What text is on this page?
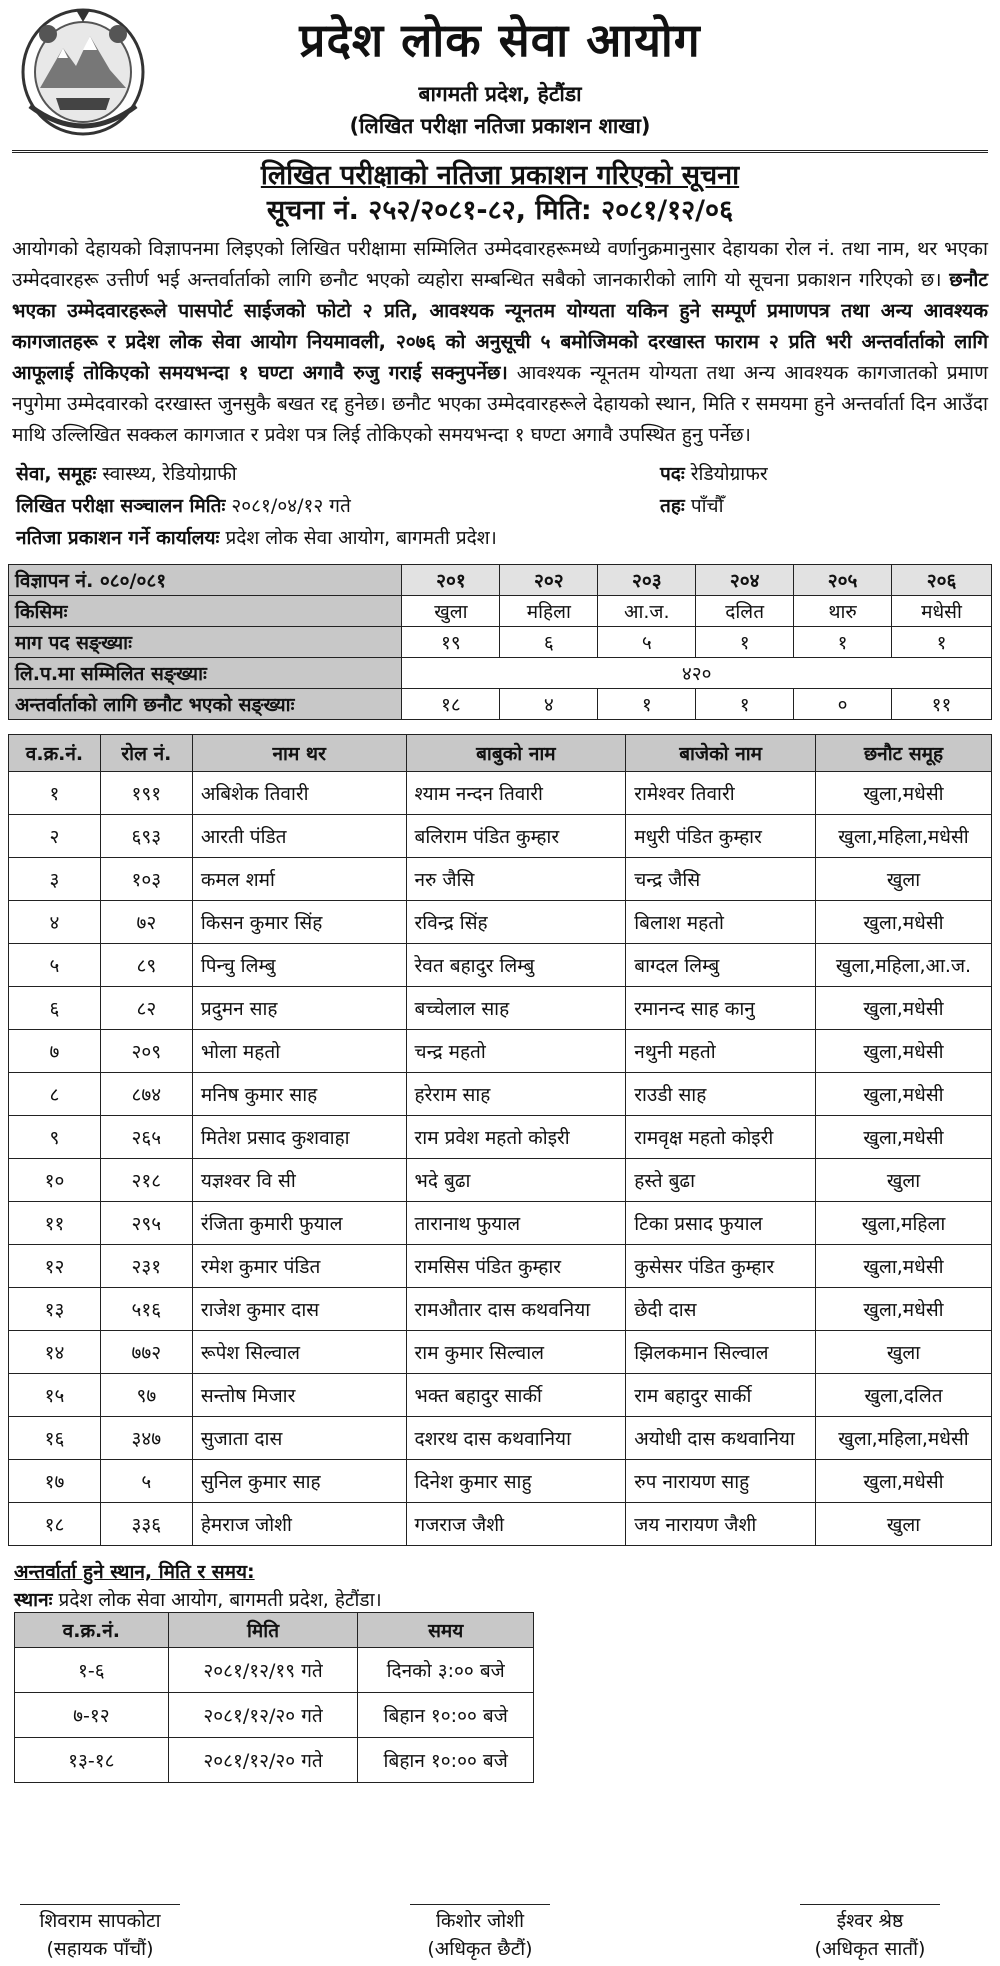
प्रदेश लोक सेवा आयोग
बागमती प्रदेश, हेटौंडा
(लिखित परीक्षा नतिजा प्रकाशन शाखा)
लिखित परीक्षाको नतिजा प्रकाशन गरिएको सूचना
सूचना नं. २५२/२०८१-८२, मिति: २०८१/१२/०६
आयोगको देहायको विज्ञापनमा लिइएको लिखित परीक्षामा सम्मिलित उम्मेदवारहरूमध्ये वर्णानुक्रमानुसार देहायका रोल नं. तथा नाम, थर भएका उम्मेदवारहरू उत्तीर्ण भई अन्तर्वार्ताको लागि छनौट भएको व्यहोरा सम्बन्धित सबैको जानकारीको लागि यो सूचना प्रकाशन गरिएको छ। छनौट भएका उम्मेदवारहरूले पासपोर्ट साईजको फोटो २ प्रति, आवश्यक न्यूनतम योग्यता यकिन हुने सम्पूर्ण प्रमाणपत्र तथा अन्य आवश्यक कागजातहरू र प्रदेश लोक सेवा आयोग नियमावली, २०७६ को अनुसूची ५ बमोजिमको दरखास्त फाराम २ प्रति भरी अन्तर्वार्ताको लागि आफूलाई तोकिएको समयभन्दा १ घण्टा अगावै रुजु गराई सक्नुपर्नेछ। आवश्यक न्यूनतम योग्यता तथा अन्य आवश्यक कागजातको प्रमाण नपुगेमा उम्मेदवारको दरखास्त जुनसुकै बखत रद्द हुनेछ। छनौट भएका उम्मेदवारहरूले देहायको स्थान, मिति र समयमा हुने अन्तर्वार्ता दिन आउँदा माथि उल्लिखित सक्कल कागजात र प्रवेश पत्र लिई तोकिएको समयभन्दा १ घण्टा अगावै उपस्थित हुनु पर्नेछ।
सेवा, समूहः स्वास्थ्य, रेडियोग्राफी	पदः रेडियोग्राफर
लिखित परीक्षा सञ्चालन मितिः २०८१/०४/१२ गते	तहः पाँचौँ
नतिजा प्रकाशन गर्ने कार्यालयः प्रदेश लोक सेवा आयोग, बागमती प्रदेश।
विज्ञापन नं. ०८०/०८१	२०१	२०२	२०३	२०४	२०५	२०६
किसिमः	खुला	महिला	आ.ज.	दलित	थारु	मधेसी
माग पद सङ्ख्याः	१९	६	५	१	१	१
लि.प.मा सम्मिलित सङ्ख्याः	४२०					
अन्तर्वार्ताको लागि छनौट भएको सङ्ख्याः	१८	४	१	१	०	११
व.क्र.नं.	रोल नं.	नाम थर	बाबुको नाम	बाजेको नाम	छनौट समूह
१	१९१	अबिशेक तिवारी	श्याम नन्दन तिवारी	रामेश्वर तिवारी	खुला,मधेसी
२	६९३	आरती पंडित	बलिराम पंडित कुम्हार	मधुरी पंडित कुम्हार	खुला,महिला,मधेसी
३	१०३	कमल शर्मा	नरु जैसि	चन्द्र जैसि	खुला
४	७२	किसन कुमार सिंह	रविन्द्र सिंह	बिलाश महतो	खुला,मधेसी
५	८९	पिन्चु लिम्बु	रेवत बहादुर लिम्बु	बाग्दल लिम्बु	खुला,महिला,आ.ज.
६	८२	प्रदुमन साह	बच्चेलाल साह	रमानन्द साह कानु	खुला,मधेसी
७	२०९	भोला महतो	चन्द्र महतो	नथुनी महतो	खुला,मधेसी
८	८७४	मनिष कुमार साह	हरेराम साह	राउडी साह	खुला,मधेसी
९	२६५	मितेश प्रसाद कुशवाहा	राम प्रवेश महतो कोइरी	रामवृक्ष महतो कोइरी	खुला,मधेसी
१०	२१८	यज्ञश्वर वि सी	भदे बुढा	हस्ते बुढा	खुला
११	२९५	रंजिता कुमारी फुयाल	तारानाथ फुयाल	टिका प्रसाद फुयाल	खुला,महिला
१२	२३१	रमेश कुमार पंडित	रामसिस पंडित कुम्हार	कुसेसर पंडित कुम्हार	खुला,मधेसी
१३	५१६	राजेश कुमार दास	रामऔतार दास कथवनिया	छेदी दास	खुला,मधेसी
१४	७७२	रूपेश सिल्वाल	राम कुमार सिल्वाल	झिलकमान सिल्वाल	खुला
१५	९७	सन्तोष मिजार	भक्त बहादुर सार्की	राम बहादुर सार्की	खुला,दलित
१६	३४७	सुजाता दास	दशरथ दास कथवानिया	अयोधी दास कथवानिया	खुला,महिला,मधेसी
१७	५	सुनिल कुमार साह	दिनेश कुमार साहु	रुप नारायण साहु	खुला,मधेसी
१८	३३६	हेमराज जोशी	गजराज जैशी	जय नारायण जैशी	खुला
अन्तर्वार्ता हुने स्थान, मिति र समय:
स्थानः प्रदेश लोक सेवा आयोग, बागमती प्रदेश, हेटौंडा।
व.क्र.नं.	मिति	समय
१-६	२०८१/१२/१९ गते	दिनको ३:०० बजे
७-१२	२०८१/१२/२० गते	बिहान १०:०० बजे
१३-१८	२०८१/१२/२० गते	बिहान १०:०० बजे
शिवराम सापकोटा
(सहायक पाँचौं)
किशोर जोशी
(अधिकृत छैटौं)
ईश्वर श्रेष्ठ
(अधिकृत सातौं)
